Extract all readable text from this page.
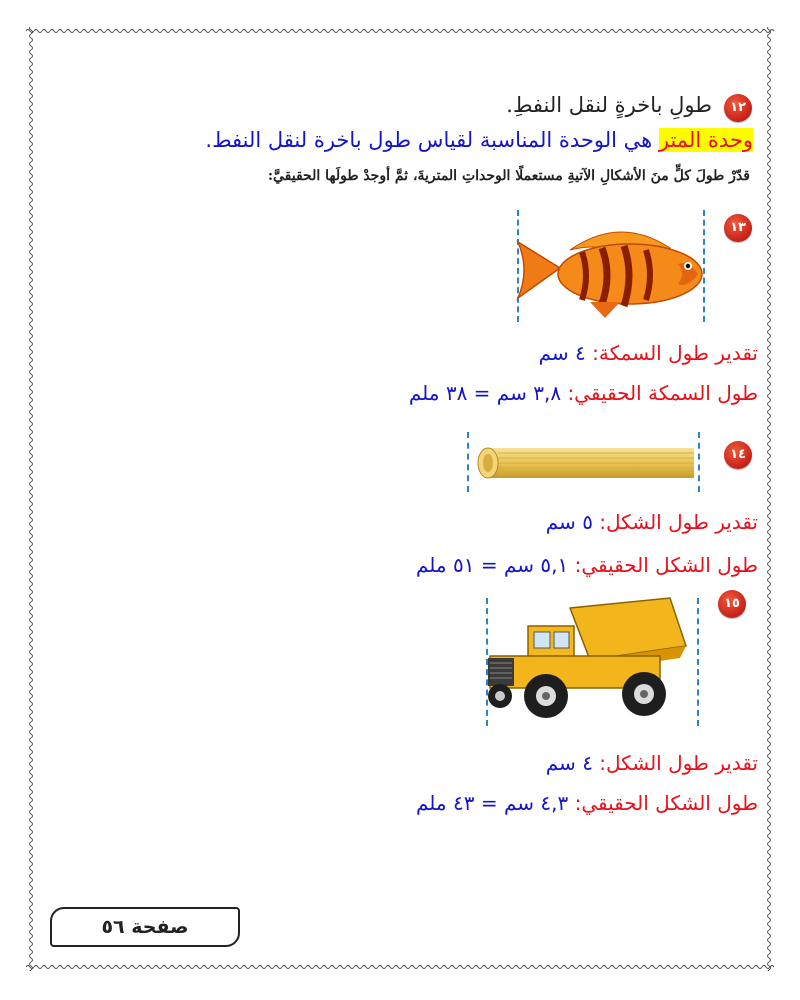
١٢
طولِ باخرةٍ لنقل النفطِ.
وحدة المتر هي الوحدة المناسبة لقياس طول باخرة لنقل النفط.
قدّرْ طولَ كلٍّ منَ الأشكالِ الآتيةِ مستعملًا الوحداتِ المتريةَ، ثمَّ أوجدْ طولَها الحقيقيَّ:
١٣
تقدير طول السمكة: ٤ سم
طول السمكة الحقيقي: ٣,٨ سم = ٣٨ ملم
١٤
تقدير طول الشكل: ٥ سم
طول الشكل الحقيقي: ٥,١ سم = ٥١ ملم
١٥
تقدير طول الشكل: ٤ سم
طول الشكل الحقيقي: ٤,٣ سم = ٤٣ ملم
صفحة ٥٦
